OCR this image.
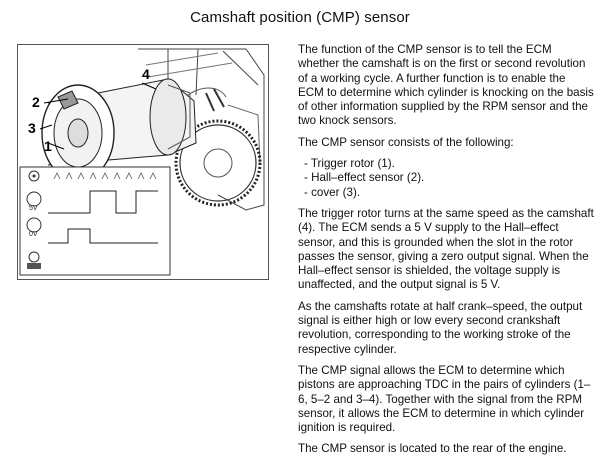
Camshaft position (CMP) sensor
2
3
1
4
5V
0V

The function of the CMP sensor is to tell the ECM whether the camshaft is on the first or second revolution of a working cycle. A further function is to enable the ECM to determine which cylinder is knocking on the basis of other information supplied by the RPM sensor and the two knock sensors.

The CMP sensor consists of the following:

- Trigger rotor (1).
- Hall–effect sensor (2).
- cover (3).

The trigger rotor turns at the same speed as the camshaft (4). The ECM sends a 5 V supply to the Hall–effect sensor, and this is grounded when the slot in the rotor passes the sensor, giving a zero output signal. When the Hall–effect sensor is shielded, the voltage supply is unaffected, and the output signal is 5 V.

As the camshafts rotate at half crank–speed, the output signal is either high or low every second crankshaft revolution, corresponding to the working stroke of the respective cylinder.

The CMP signal allows the ECM to determine which pistons are approaching TDC in the pairs of cylinders (1–6, 5–2 and 3–4). Together with the signal from the RPM sensor, it allows the ECM to determine in which cylinder ignition is required.

The CMP sensor is located to the rear of the engine.
